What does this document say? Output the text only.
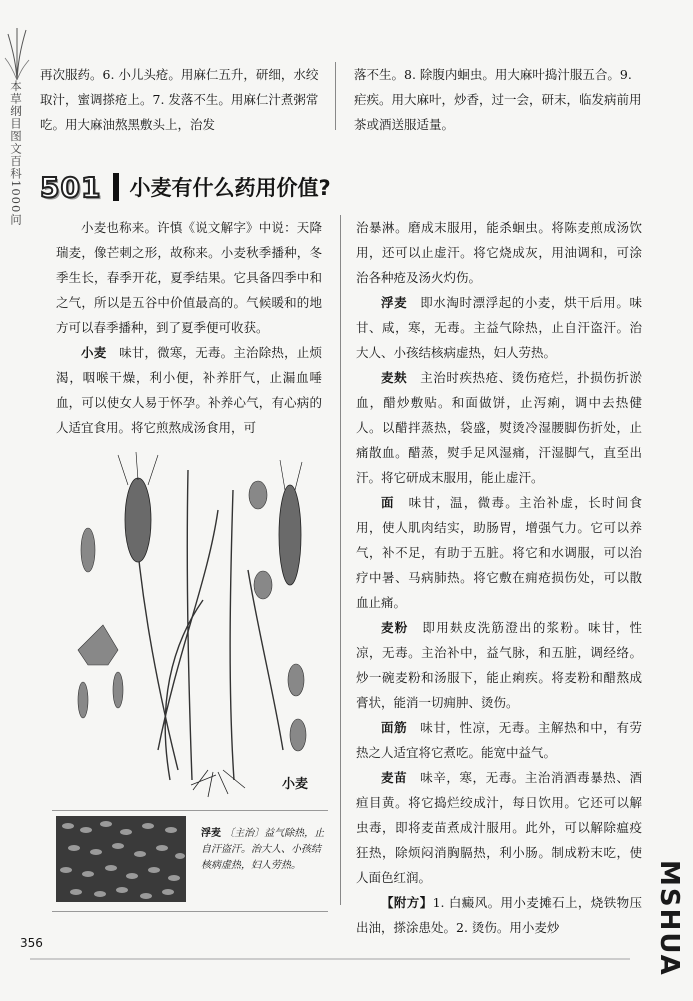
本草纲目图文百科1000问

再次服药。6. 小儿头疮。用麻仁五升，研细，水绞取汁，蜜调搽疮上。7. 发落不生。用麻仁汁煮粥常吃。用大麻油熬黑敷头上，治发

落不生。8. 除腹内蛔虫。用大麻叶捣汁服五合。9. 疟疾。用大麻叶，炒香，过一会，研末，临发病前用茶或酒送服适量。

501 小麦有什么药用价值?

小麦也称来。许慎《说文解字》中说：天降瑞麦，像芒刺之形，故称来。小麦秋季播种，冬季生长，春季开花，夏季结果。它具备四季中和之气，所以是五谷中价值最高的。气候暖和的地方可以春季播种，到了夏季便可收获。

小麦　 味甘，微寒，无毒。主治除热，止烦渴，咽喉干燥，利小便，补养肝气，止漏血唾血，可以使女人易于怀孕。补养心气，有心病的人适宜食用。将它煎熬成汤食用，可

小麦
浮麦 〔主治〕益气除热，止自汗盗汗。治大人、小孩结核病虚热，妇人劳热。

治暴淋。磨成末服用，能杀蛔虫。将陈麦煎成汤饮用，还可以止虚汗。将它烧成灰，用油调和，可涂治各种疮及汤火灼伤。

浮麦　 即水淘时漂浮起的小麦，烘干后用。味甘、咸，寒，无毒。主益气除热，止自汗盗汗。治大人、小孩结核病虚热，妇人劳热。

麦麸　 主治时疾热疮、烫伤疮烂，扑损伤折淤血，醋炒敷贴。和面做饼，止泻痢，调中去热健人。以醋拌蒸热，袋盛，熨烫冷湿腰脚伤折处，止痛散血。醋蒸，熨手足风湿痛，汗湿脚气，直至出汗。将它研成末服用，能止虚汗。

面　 味甘，温，微毒。主治补虚，长时间食用，使人肌肉结实，助肠胃，增强气力。它可以养气，补不足，有助于五脏。将它和水调服，可以治疗中暑、马病肺热。将它敷在痈疮损伤处，可以散血止痛。

麦粉　 即用麸皮洗筋澄出的浆粉。味甘，性凉，无毒。主治补中，益气脉，和五脏，调经络。炒一碗麦粉和汤服下，能止痢疾。将麦粉和醋熬成膏状，能消一切痈肿、烫伤。

面筋　 味甘，性凉，无毒。主解热和中，有劳热之人适宜将它煮吃。能宽中益气。

麦苗　 味辛，寒，无毒。主治消酒毒暴热、酒疸目黄。将它捣烂绞成汁，每日饮用。它还可以解虫毒，即将麦苗煮成汁服用。此外，可以解除瘟疫狂热，除烦闷消胸膈热，利小肠。制成粉末吃，使人面色红润。

【附方】1. 白癜风。用小麦摊石上，烧铁物压出油，搽涂患处。2. 烫伤。用小麦炒

356	MSHUA
